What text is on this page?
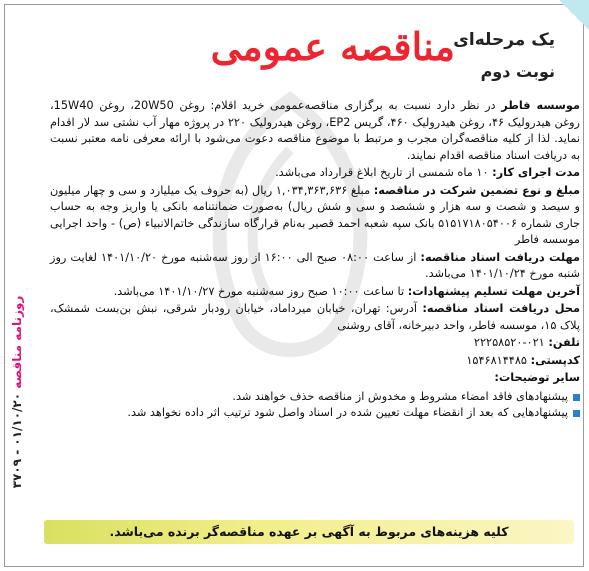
روزنامه مناقصه ۰۱/۱۰/۲۰ - ۳۷۰۹
مناقصه عمومی
یک مرحله‌ای
نوبت دوم

موسسه فاطر در نظر دارد نسبت به برگزاری مناقصه‌عمومی خرید اقلام: روغن 20W50، روغن 15W40، روغن هیدرولیک ۴۶، روغن هیدرولیک ۴۶۰، گریس EP2، روغن هیدرولیک ۲۲۰ در پروژه مهار آب نشتی سد لار اقدام نماید. لذا از کلیه مناقصه‌گران مجرب و مرتبط با موضوع مناقصه دعوت می‌شود با ارائه معرفی نامه معتبر نسبت به دریافت اسناد مناقصه اقدام نمایند.

مدت اجرای کار: ۱۰ ماه شمسی از تاریخ ابلاغ قرارداد می‌باشد.

مبلغ و نوع تضمین شرکت در مناقصه: مبلغ ۱,۰۳۴,۳۶۳,۶۳۶ ریال (به حروف یک میلیارد و سی و چهار میلیون و سیصد و شصت و سه هزار و ششصد و سی و شش ریال) به‌صورت ضمانتنامه بانکی یا واریز وجه به حساب جاری شماره ۵۱۵۱۷۱۸۰۵۴۰۰۶ بانک سپه شعبه احمد قصیر به‌نام قرارگاه سازندگی خاتم‌الانبیاء (ص) - واحد اجرایی موسسه فاطر

مهلت دریافت اسناد مناقصه: از ساعت ۰۸:۰۰ صبح الی ۱۶:۰۰ از روز سه‌شنبه مورخ ۱۴۰۱/۱۰/۲۰ لغایت روز شنبه مورخ ۱۴۰۱/۱۰/۲۴ می‌باشد.

آخرین مهلت تسلیم پیشنهادات: تا ساعت ۱۰:۰۰ صبح روز سه‌شنبه مورخ ۱۴۰۱/۱۰/۲۷ می‌باشد.

محل دریافت اسناد مناقصه: آدرس: تهران، خیابان میرداماد، خیابان رودبار شرقی، نبش بن‌بست شمشک، پلاک ۱۵، موسسه فاطر، واحد دبیرخانه، آقای روشنی

تلفن: ۰۲۱-۲۲۲۵۸۵۲۰

کدپستی: ۱۵۴۶۸۱۴۴۸۵

سایر توضیحات:

پیشنهادهای فاقد امضاء مشروط و مخدوش از مناقصه حذف خواهند شد.
پیشنهادهایی که بعد از انقضاء مهلت تعیین شده در اسناد واصل شود ترتیب اثر داده نخواهد شد.
کلیه هزینه‌های مربوط به آگهی بر عهده مناقصه‌گر برنده می‌باشد.
